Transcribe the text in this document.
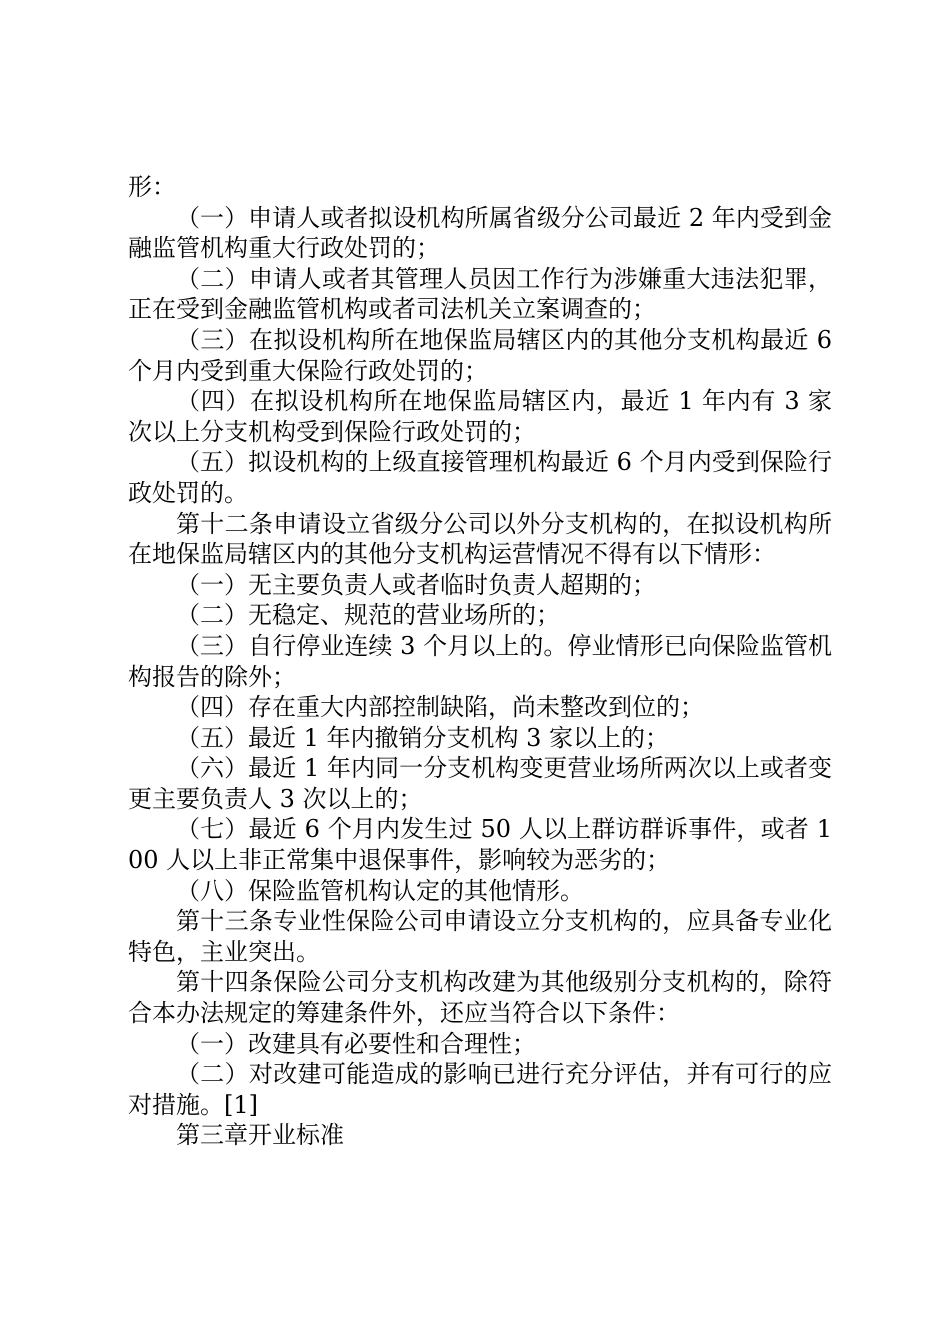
形：

（一）申请人或者拟设机构所属省级分公司最近 2 年内受到金融监管机构重大行政处罚的；

（二）申请人或者其管理人员因工作行为涉嫌重大违法犯罪，正在受到金融监管机构或者司法机关立案调查的；

（三）在拟设机构所在地保监局辖区内的其他分支机构最近 6 个月内受到重大保险行政处罚的；

（四）在拟设机构所在地保监局辖区内，最近 1 年内有 3 家次以上分支机构受到保险行政处罚的；

（五）拟设机构的上级直接管理机构最近 6 个月内受到保险行政处罚的。

第十二条申请设立省级分公司以外分支机构的，在拟设机构所在地保监局辖区内的其他分支机构运营情况不得有以下情形：

（一）无主要负责人或者临时负责人超期的；

（二）无稳定、规范的营业场所的；

（三）自行停业连续 3 个月以上的。停业情形已向保险监管机构报告的除外；

（四）存在重大内部控制缺陷，尚未整改到位的；

（五）最近 1 年内撤销分支机构 3 家以上的；

（六）最近 1 年内同一分支机构变更营业场所两次以上或者变更主要负责人 3 次以上的；

（七）最近 6 个月内发生过 50 人以上群访群诉事件，或者 100 人以上非正常集中退保事件，影响较为恶劣的；

（八）保险监管机构认定的其他情形。

第十三条专业性保险公司申请设立分支机构的，应具备专业化特色，主业突出。

第十四条保险公司分支机构改建为其他级别分支机构的，除符合本办法规定的筹建条件外，还应当符合以下条件：

（一）改建具有必要性和合理性；

（二）对改建可能造成的影响已进行充分评估，并有可行的应对措施。[1]

第三章开业标准
